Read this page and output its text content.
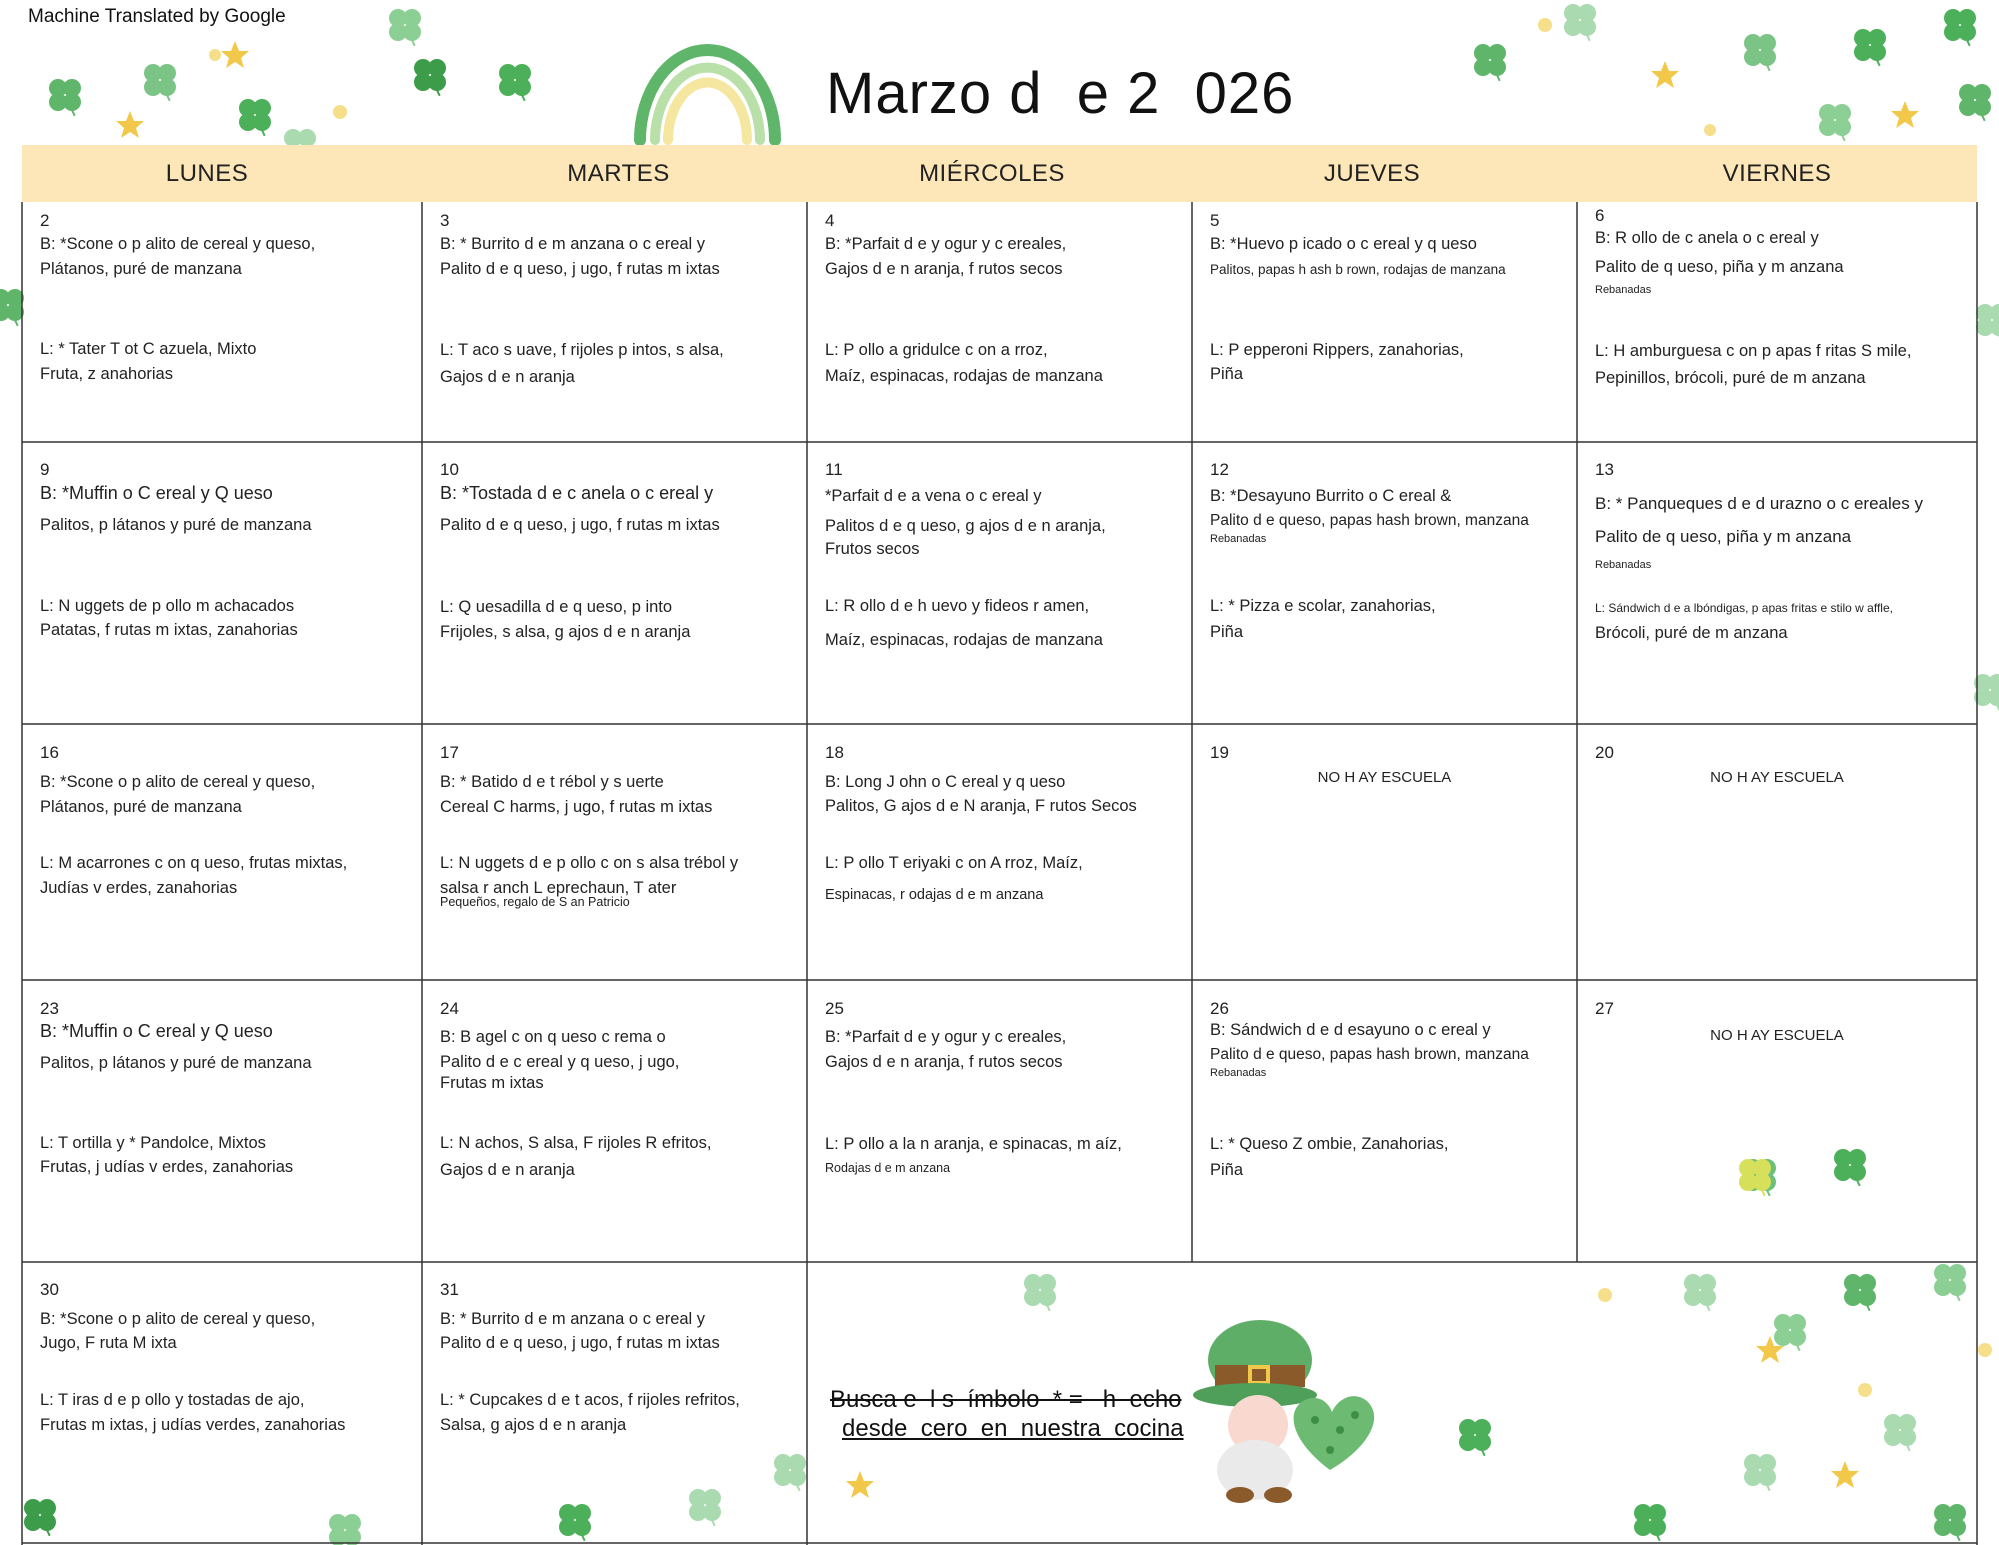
Machine Translated by Google
Marzo d  e 2  026
LUNES	MARTES	MIÉRCOLES	JUEVES	VIERNES
2
B: *Scone o p alito de cereal y queso,
Plátanos, puré de manzana
L: * Tater T ot C azuela, Mixto
Fruta, z anahorias
3
B: * Burrito d e m anzana o c ereal y
Palito d e q ueso, j ugo, f rutas m ixtas
L: T aco s uave, f rijoles p intos, s alsa,
Gajos d e n aranja
4
B: *Parfait d e y ogur y c ereales,
Gajos d e n aranja, f rutos secos
L: P ollo a gridulce c on a rroz,
Maíz, espinacas, rodajas de manzana
5
B: *Huevo p icado o c ereal y q ueso
Palitos, papas h ash b rown, rodajas de manzana
L: P epperoni Rippers, zanahorias,
Piña
6
B: R ollo de c anela o c ereal y
Palito de q ueso, piña y m anzana
Rebanadas
L: H amburguesa c on p apas f ritas S mile,
Pepinillos, brócoli, puré de m anzana
9
B: *Muffin o C ereal y Q ueso
Palitos, p látanos y puré de manzana
L: N uggets de p ollo m achacados
Patatas, f rutas m ixtas, zanahorias
10
B: *Tostada d e c anela o c ereal y
Palito d e q ueso, j ugo, f rutas m ixtas
L: Q uesadilla d e q ueso, p into
Frijoles, s alsa, g ajos d e n aranja
11
*Parfait d e a vena o c ereal y
Palitos d e q ueso, g ajos d e n aranja,
Frutos secos
L: R ollo d e h uevo y fideos r amen,
Maíz, espinacas, rodajas de manzana
12
B: *Desayuno Burrito o C ereal &
Palito d e queso, papas hash brown, manzana
Rebanadas
L: * Pizza e scolar, zanahorias,
Piña
13
B: * Panqueques d e d urazno o c ereales y
Palito de q ueso, piña y m anzana
Rebanadas
L: Sándwich d e a lbóndigas, p apas fritas e stilo w affle,
Brócoli, puré de m anzana
16
B: *Scone o p alito de cereal y queso,
Plátanos, puré de manzana
L: M acarrones c on q ueso, frutas mixtas,
Judías v erdes, zanahorias
17
B: * Batido d e t rébol y s uerte
Cereal C harms, j ugo, f rutas m ixtas
L: N uggets d e p ollo c on s alsa trébol y
salsa r anch L eprechaun, T ater
Pequeños, regalo de S an Patricio
18
B: Long J ohn o C ereal y q ueso
Palitos, G ajos d e N aranja, F rutos Secos
L: P ollo T eriyaki c on A rroz, Maíz,
Espinacas, r odajas d e m anzana
19
NO H AY ESCUELA
20
NO H AY ESCUELA
23
B: *Muffin o C ereal y Q ueso
Palitos, p látanos y puré de manzana
L: T ortilla y * Pandolce, Mixtos
Frutas, j udías v erdes, zanahorias
24
B: B agel c on q ueso c rema o
Palito d e c ereal y q ueso, j ugo,
Frutas m ixtas
L: N achos, S alsa, F rijoles R efritos,
Gajos d e n aranja
25
B: *Parfait d e y ogur y c ereales,
Gajos d e n aranja, f rutos secos
L: P ollo a la n aranja, e spinacas, m aíz,
Rodajas d e m anzana
26
B: Sándwich d e d esayuno o c ereal y
Palito d e queso, papas hash brown, manzana
Rebanadas
L: * Queso Z ombie, Zanahorias,
Piña
27
NO H AY ESCUELA
30
B: *Scone o p alito de cereal y queso,
Jugo, F ruta M ixta
L: T iras d e p ollo y tostadas de ajo,
Frutas m ixtas, j udías verdes, zanahorias
31
B: * Burrito d e m anzana o c ereal y
Palito d e q ueso, j ugo, f rutas m ixtas
L: * Cupcakes d e t acos, f rijoles refritos,
Salsa, g ajos d e n aranja
Busca e  l s  ímbolo  * =   h  echo
desde  cero  en  nuestra  cocina
